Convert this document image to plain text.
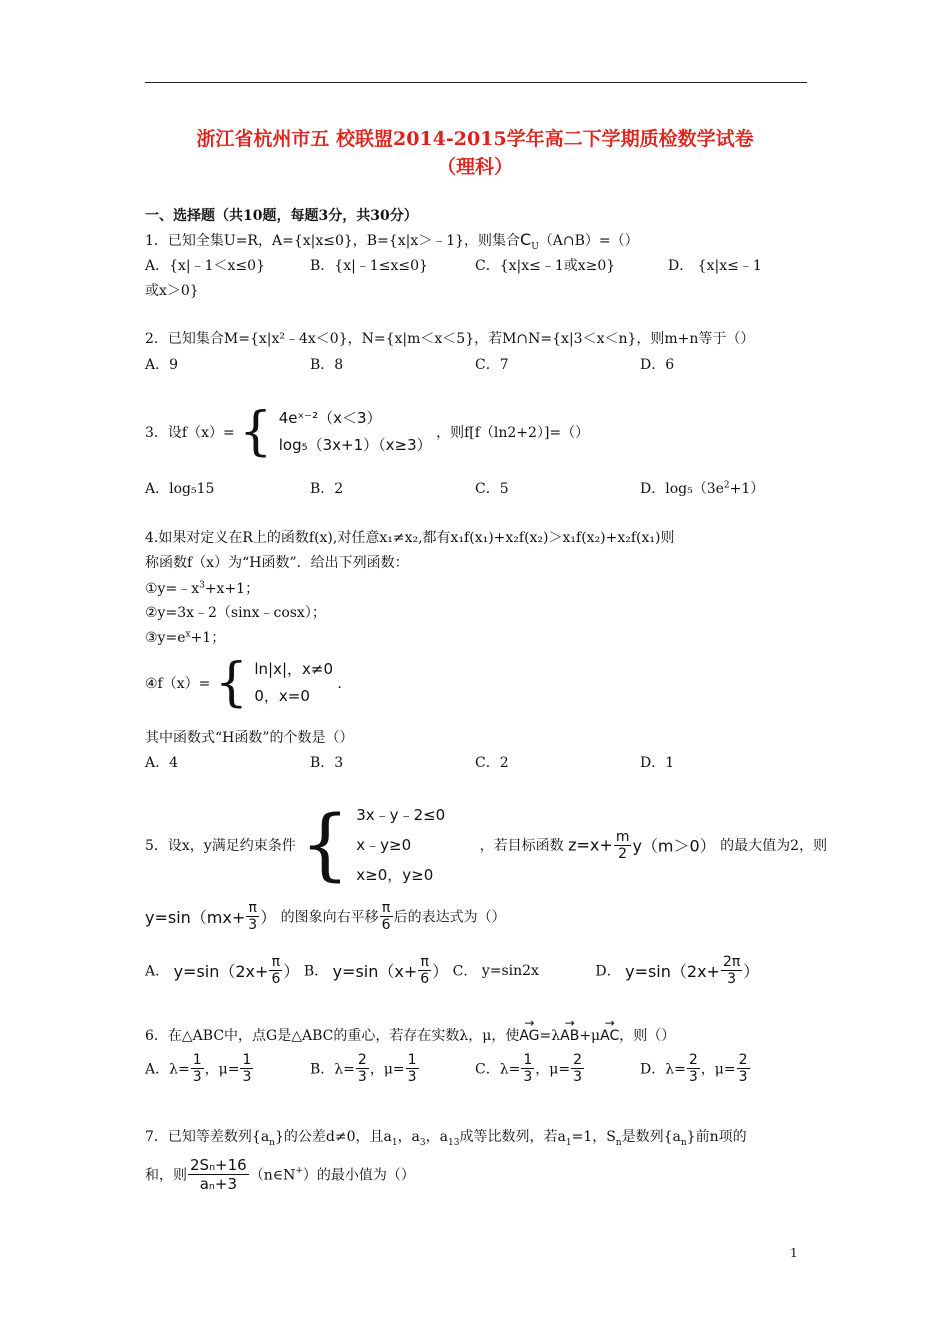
浙江省杭州市五 校联盟2014-2015学年高二下学期质检数学试卷
（理科）
一、选择题（共10题，每题3分，共30分）
1．已知全集U=R，A={x|x≤0}，B={x|x＞﹣1}，则集合$C_U(A\cap B)=()$
A．{x|﹣1＜x≤0}	B．{x|﹣1≤x≤0}	C．{x|x≤﹣1或x≥0}	D． {x|x≤﹣1
或x＞0}
2．已知集合M={x|x²﹣4x＜0}，N={x|m＜x＜5}，若M∩N={x|3＜x＜n}，则m+n等于（）
A．9	B．8	C．7	D．6
3．设f（x）= { 4eˣ⁻²（x＜3）
log₅（3x+1）（x≥3）
，则f[f（ln2+2）]=（）
A．log₅15	B．2	C．5	D．$\log_5(3e^2+1)$
4.如果对定义在R上的函数f(x),对任意x₁≠x₂,都有x₁f(x₁)+x₂f(x₂)＞x₁f(x₂)+x₂f(x₁)则
称函数f（x）为“H函数”．给出下列函数：
$①y=﹣x^3+x+1$；
②y=3x﹣2（sinx﹣cosx）；
$③y=e^x+1$；
④f（x）= { ln|x|，x≠0
0，x=0
．
其中函数式“H函数”的个数是（）
A．4	B．3	C．2	D．1
5．设x，y满足约束条件 { 3x﹣y﹣2≤0
x﹣y≥0
x≥0，y≥0
，若目标函数 $z=x+ \frac{m}{2} y(m>0)$ 的最大值为2，则
$y=\sin(mx+ \frac{\pi}{3}$ ） 的图象向右平移 $\frac{\pi}{6}$ 后的表达式为（）
A． $y=\sin(2x+ \frac{\pi}{6}$ ） B． $y=\sin(x+ \frac{\pi}{6}$ ） C． y=sin2x	D． $y=\sin(2x+ \frac{2\pi}{3}$ ）
6．在△ABC中，点G是△ABC的重心，若存在实数λ，μ，使→ AG=λ→ AB+μ→ AC，则（）
A．$\lambda= \frac{1}{3}$ ，$\mu= \frac{1}{3}$	B．$\lambda= \frac{2}{3}$ ，$\mu= \frac{1}{3}$	C．$\lambda= \frac{1}{3}$ ，$\mu= \frac{2}{3}$	D．$\lambda= \frac{2}{3}$ ，$\mu= \frac{2}{3}$
7．已知等差数列$\{a_n\}$的公差d≠0，且$a_1$，$a_3$，$a_{13}$成等比数列，若$a_1=1$，$S_n$是数列$\{a_n\}$前n项的
和，则 $\frac{\text{2Sₙ+16}}{\text{aₙ+3}}$ （n∈N+）的最小值为（）
1
